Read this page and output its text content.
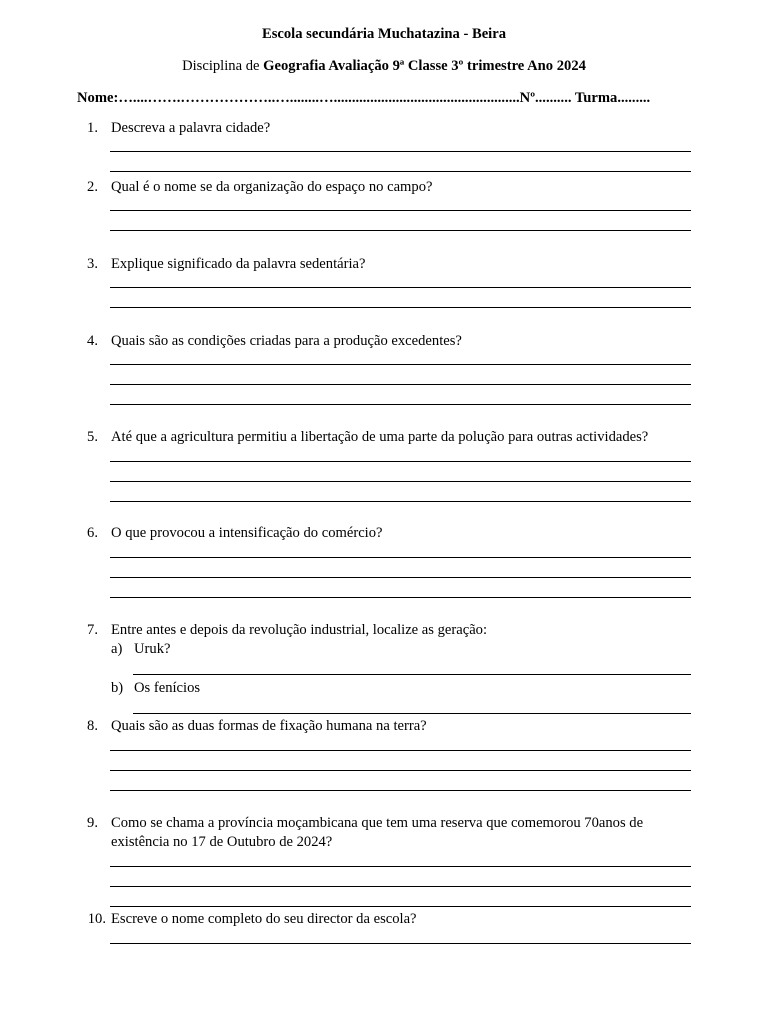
Escola secundária Muchatazina - Beira
Disciplina de Geografia Avaliação 9ª Classe 3º trimestre Ano 2024
Nome:…....…….………………..…........…...................................................Nº.......... Turma.........
1. Descreva a palavra cidade?
2. Qual é o nome se da organização do espaço no campo?
3. Explique significado da palavra sedentária?
4. Quais são as condições criadas para a produção excedentes?
5. Até que a agricultura permitiu a libertação de uma parte da polução para outras actividades?
6. O que provocou a intensificação do comércio?
7. Entre antes e depois da revolução industrial, localize as geração:
a) Uruk?
b) Os fenícios
8. Quais são as duas formas de fixação humana na terra?
9. Como se chama a província moçambicana que tem uma reserva que comemorou 70anos de
existência no 17 de Outubro de 2024?
10. Escreve o nome completo do seu director da escola?
